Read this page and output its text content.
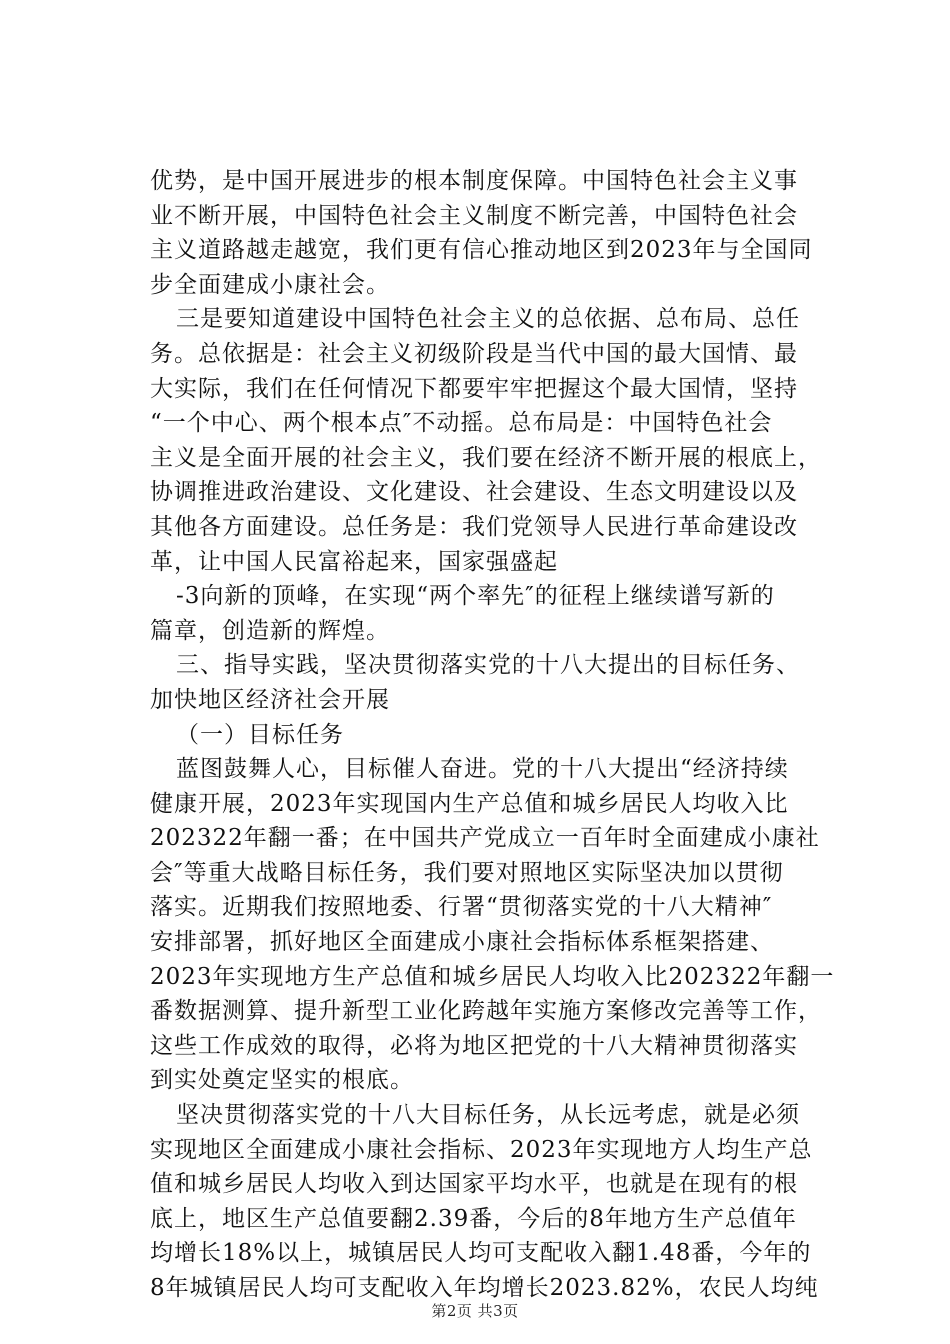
优势，是中国开展进步的根本制度保障。中国特色社会主义事
业不断开展，中国特色社会主义制度不断完善，中国特色社会
主义道路越走越宽，我们更有信心推动地区到2023年与全国同
步全面建成小康社会。
三是要知道建设中国特色社会主义的总依据、总布局、总任
务。总依据是：社会主义初级阶段是当代中国的最大国情、最
大实际，我们在任何情况下都要牢牢把握这个最大国情，坚持
“一个中心、两个根本点″不动摇。总布局是：中国特色社会
主义是全面开展的社会主义，我们要在经济不断开展的根底上，
协调推进政治建设、文化建设、社会建设、生态文明建设以及
其他各方面建设。总任务是：我们党领导人民进行革命建设改
革，让中国人民富裕起来，国家强盛起
-3向新的顶峰，在实现“两个率先″的征程上继续谱写新的
篇章，创造新的辉煌。
三、指导实践，坚决贯彻落实党的十八大提出的目标任务、
加快地区经济社会开展
（一）目标任务
蓝图鼓舞人心，目标催人奋进。党的十八大提出“经济持续
健康开展，2023年实现国内生产总值和城乡居民人均收入比
202322年翻一番；在中国共产党成立一百年时全面建成小康社
会″等重大战略目标任务，我们要对照地区实际坚决加以贯彻
落实。近期我们按照地委、行署“贯彻落实党的十八大精神″
安排部署，抓好地区全面建成小康社会指标体系框架搭建、
2023年实现地方生产总值和城乡居民人均收入比202322年翻一
番数据测算、提升新型工业化跨越年实施方案修改完善等工作，
这些工作成效的取得，必将为地区把党的十八大精神贯彻落实
到实处奠定坚实的根底。
坚决贯彻落实党的十八大目标任务，从长远考虑，就是必须
实现地区全面建成小康社会指标、2023年实现地方人均生产总
值和城乡居民人均收入到达国家平均水平，也就是在现有的根
底上，地区生产总值要翻2.39番，今后的8年地方生产总值年
均增长18%以上，城镇居民人均可支配收入翻1.48番，今年的
8年城镇居民人均可支配收入年均增长2023.82%，农民人均纯
第2页 共3页
